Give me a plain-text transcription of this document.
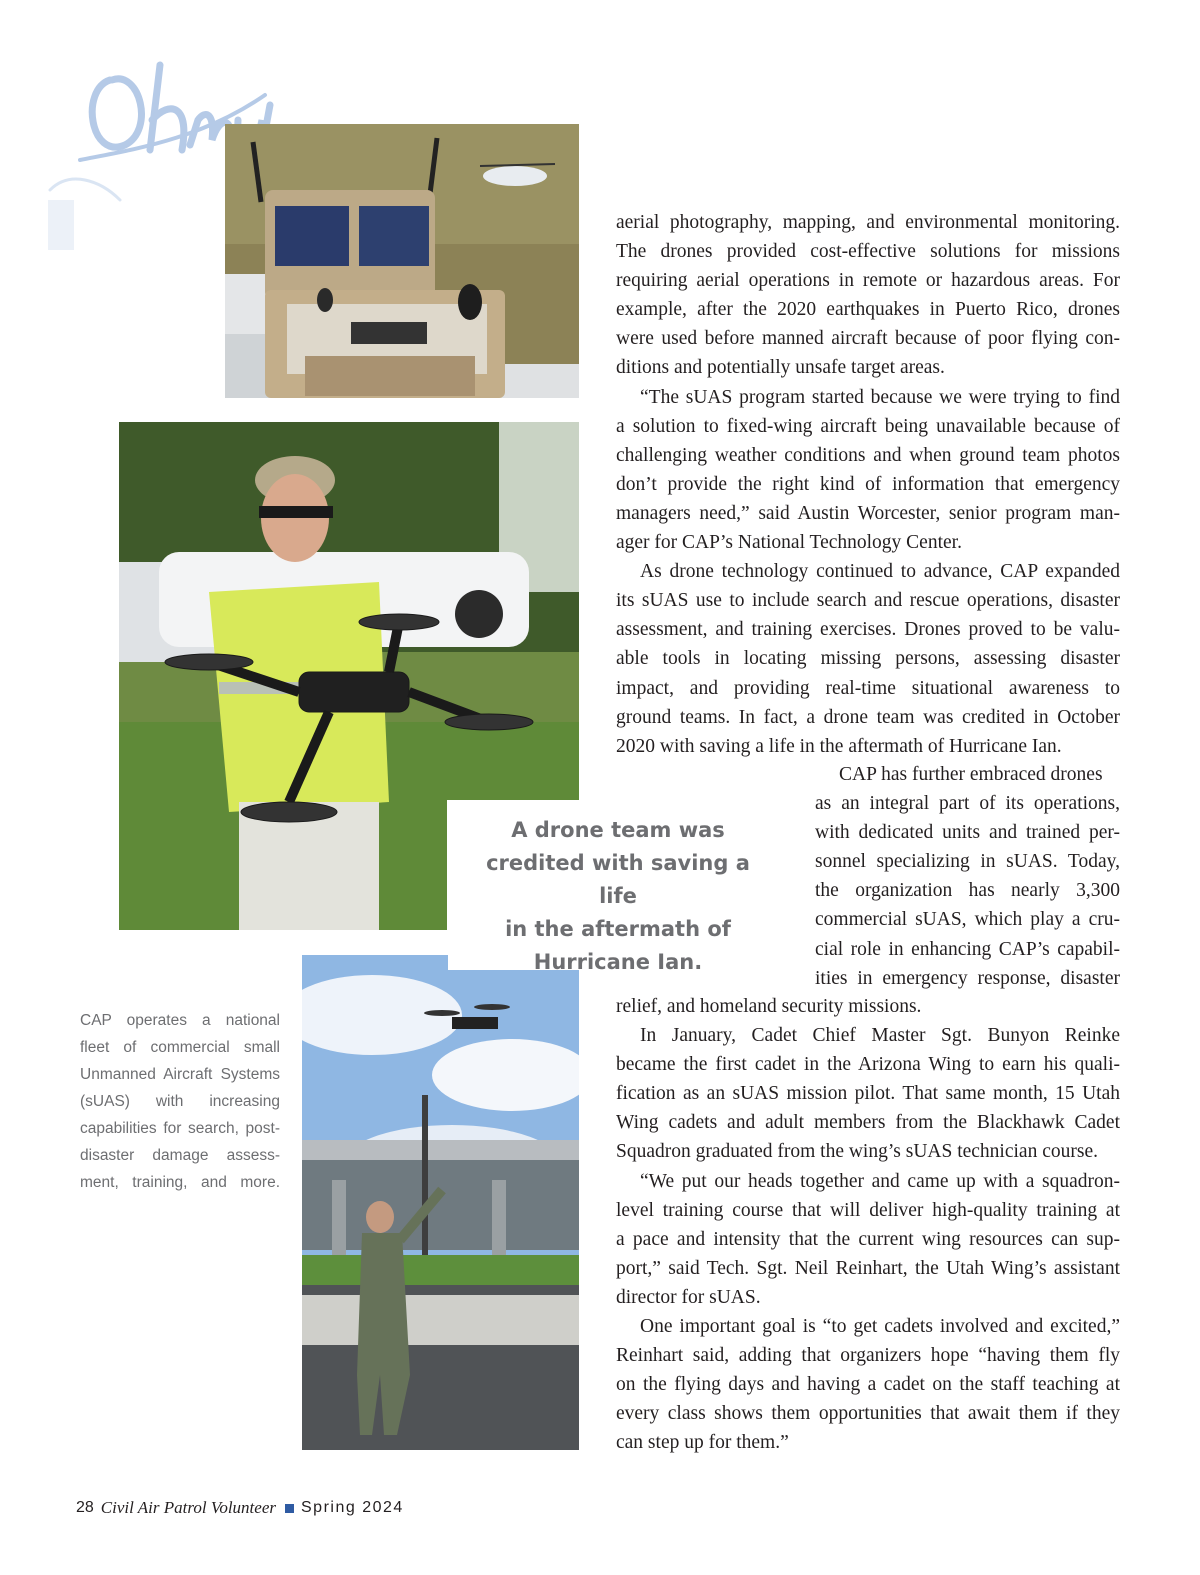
A drone team was
credited with saving a life
in the aftermath of
Hurricane Ian.
aerial photography, mapping, and environmental monitoring.
The drones provided cost-effective solutions for missions
requiring aerial operations in remote or hazardous areas. For
example, after the 2020 earthquakes in Puerto Rico, drones
were used before manned aircraft because of poor flying con-
ditions and potentially unsafe target areas.
“The sUAS program started because we were trying to find
a solution to fixed-wing aircraft being unavailable because of
challenging weather conditions and when ground team photos
don’t provide the right kind of information that emergency
managers need,” said Austin Worcester, senior program man-
ager for CAP’s National Technology Center.
As drone technology continued to advance, CAP expanded
its sUAS use to include search and rescue operations, disaster
assessment, and training exercises. Drones proved to be valu-
able tools in locating missing persons, assessing disaster
impact, and providing real-time situational awareness to
ground teams. In fact, a drone team was credited in October
2020 with saving a life in the aftermath of Hurricane Ian.
CAP has further embraced drones
as an integral part of its operations,
with dedicated units and trained per-
sonnel specializing in sUAS. Today,
the organization has nearly 3,300
commercial sUAS, which play a cru-
cial role in enhancing CAP’s capabil-
ities in emergency response, disaster
relief, and homeland security missions.
In January, Cadet Chief Master Sgt. Bunyon Reinke
became the first cadet in the Arizona Wing to earn his quali-
fication as an sUAS mission pilot. That same month, 15 Utah
Wing cadets and adult members from the Blackhawk Cadet
Squadron graduated from the wing’s sUAS technician course.
“We put our heads together and came up with a squadron-
level training course that will deliver high-quality training at
a pace and intensity that the current wing resources can sup-
port,” said Tech. Sgt. Neil Reinhart, the Utah Wing’s assistant
director for sUAS.
One important goal is “to get cadets involved and excited,”
Reinhart said, adding that organizers hope “having them fly
on the flying days and having a cadet on the staff teaching at
every class shows them opportunities that await them if they
can step up for them.”
CAP operates a national
fleet of commercial small
Unmanned Aircraft Systems
(sUAS) with increasing
capabilities for search, post-
disaster damage assess-
ment, training, and more.
28 Civil Air Patrol Volunteer Spring 2024
